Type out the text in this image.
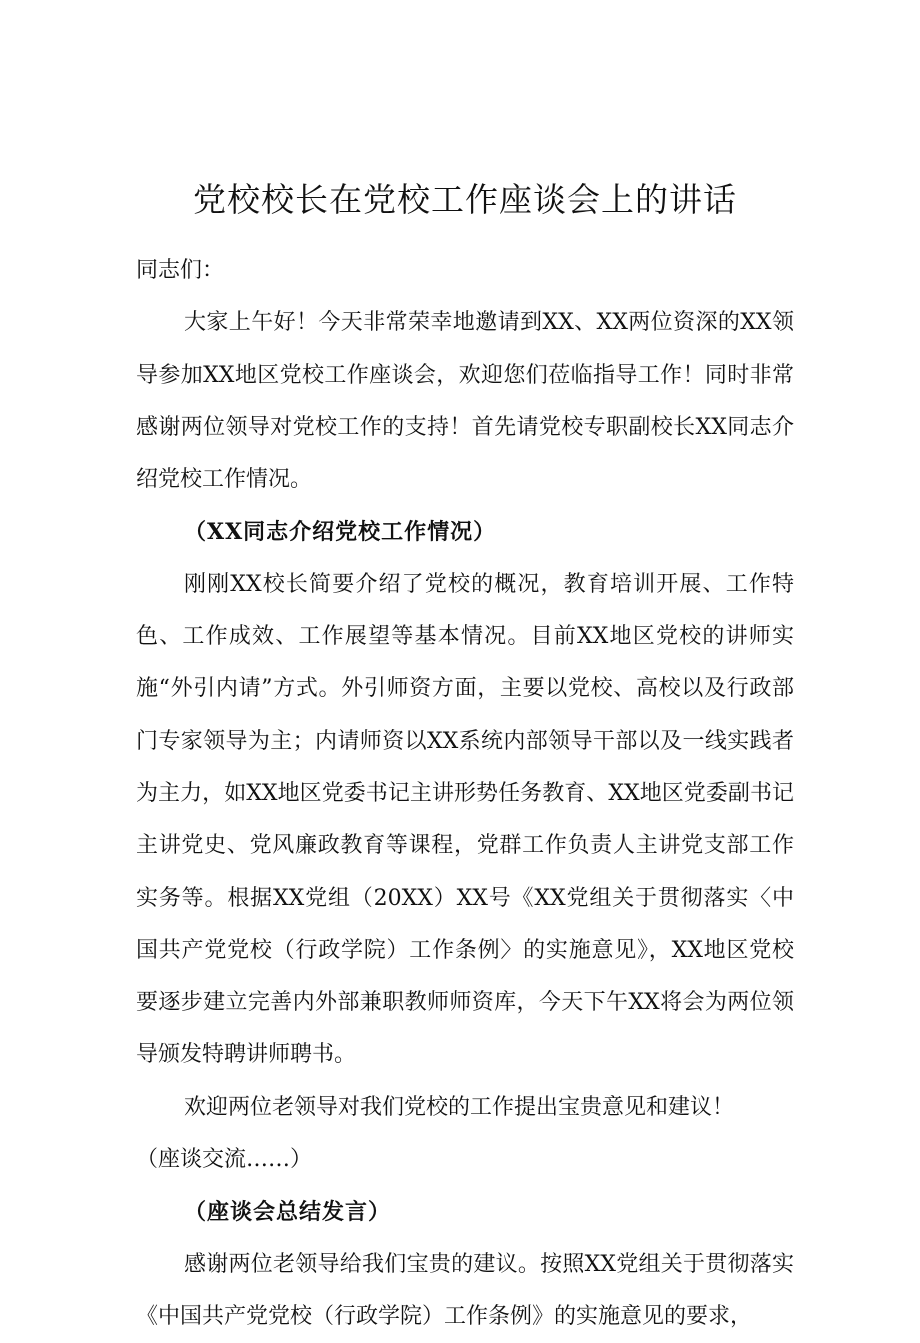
党校校长在党校工作座谈会上的讲话

同志们：

大家上午好！今天非常荣幸地邀请到XX、XX两位资深的XX领导参加XX地区党校工作座谈会，欢迎您们莅临指导工作！同时非常感谢两位领导对党校工作的支持！首先请党校专职副校长XX同志介绍党校工作情况。

（XX同志介绍党校工作情况）

刚刚XX校长简要介绍了党校的概况，教育培训开展、工作特色、工作成效、工作展望等基本情况。目前XX地区党校的讲师实施“外引内请”方式。外引师资方面，主要以党校、高校以及行政部门专家领导为主；内请师资以XX系统内部领导干部以及一线实践者为主力，如XX地区党委书记主讲形势任务教育、XX地区党委副书记主讲党史、党风廉政教育等课程，党群工作负责人主讲党支部工作实务等。根据XX党组（20XX）XX号《XX党组关于贯彻落实〈中国共产党党校（行政学院）工作条例〉的实施意见》，XX地区党校要逐步建立完善内外部兼职教师师资库，今天下午XX将会为两位领导颁发特聘讲师聘书。

欢迎两位老领导对我们党校的工作提出宝贵意见和建议！

（座谈交流……）

（座谈会总结发言）

感谢两位老领导给我们宝贵的建议。按照XX党组关于贯彻落实《中国共产党党校（行政学院）工作条例》的实施意见的要求，
